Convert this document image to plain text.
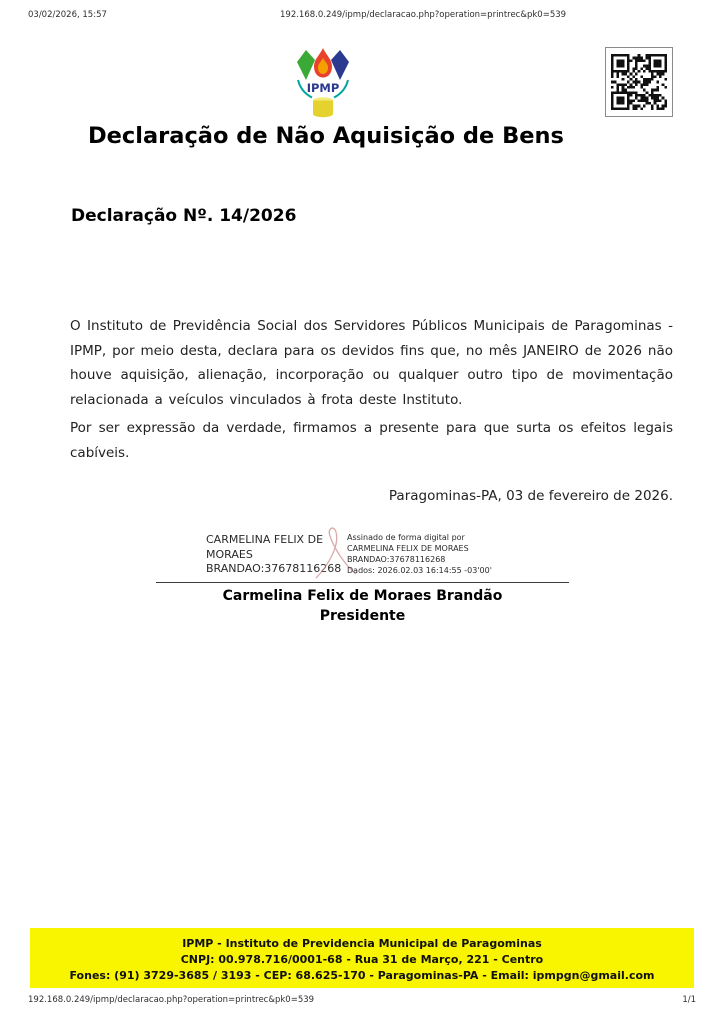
03/02/2026, 15:57	192.168.0.249/ipmp/declaracao.php?operation=printrec&pk0=539
IPMP
Declaração de Não Aquisição de Bens
Declaração Nº. 14/2026

O Instituto de Previdência Social dos Servidores Públicos Municipais de Paragominas - IPMP, por meio desta, declara para os devidos fins que, no mês JANEIRO de 2026 não houve aquisição, alienação, incorporação ou qualquer outro tipo de movimentação relacionada a veículos vinculados à frota deste Instituto.

Por ser expressão da verdade, firmamos a presente para que surta os efeitos legais cabíveis.

Paragominas-PA, 03 de fevereiro de 2026.
CARMELINA FELIX DE
MORAES
BRANDAO:37678116268
Assinado de forma digital por
CARMELINA FELIX DE MORAES
BRANDAO:37678116268
Dados: 2026.02.03 16:14:55 -03'00'
Carmelina Felix de Moraes Brandão
Presidente
IPMP - Instituto de Previdencia Municipal de Paragominas
CNPJ: 00.978.716/0001-68 - Rua 31 de Março, 221 - Centro
Fones: (91) 3729-3685 / 3193 - CEP: 68.625-170 - Paragominas-PA - Email: ipmpgn@gmail.com
192.168.0.249/ipmp/declaracao.php?operation=printrec&pk0=539	1/1
